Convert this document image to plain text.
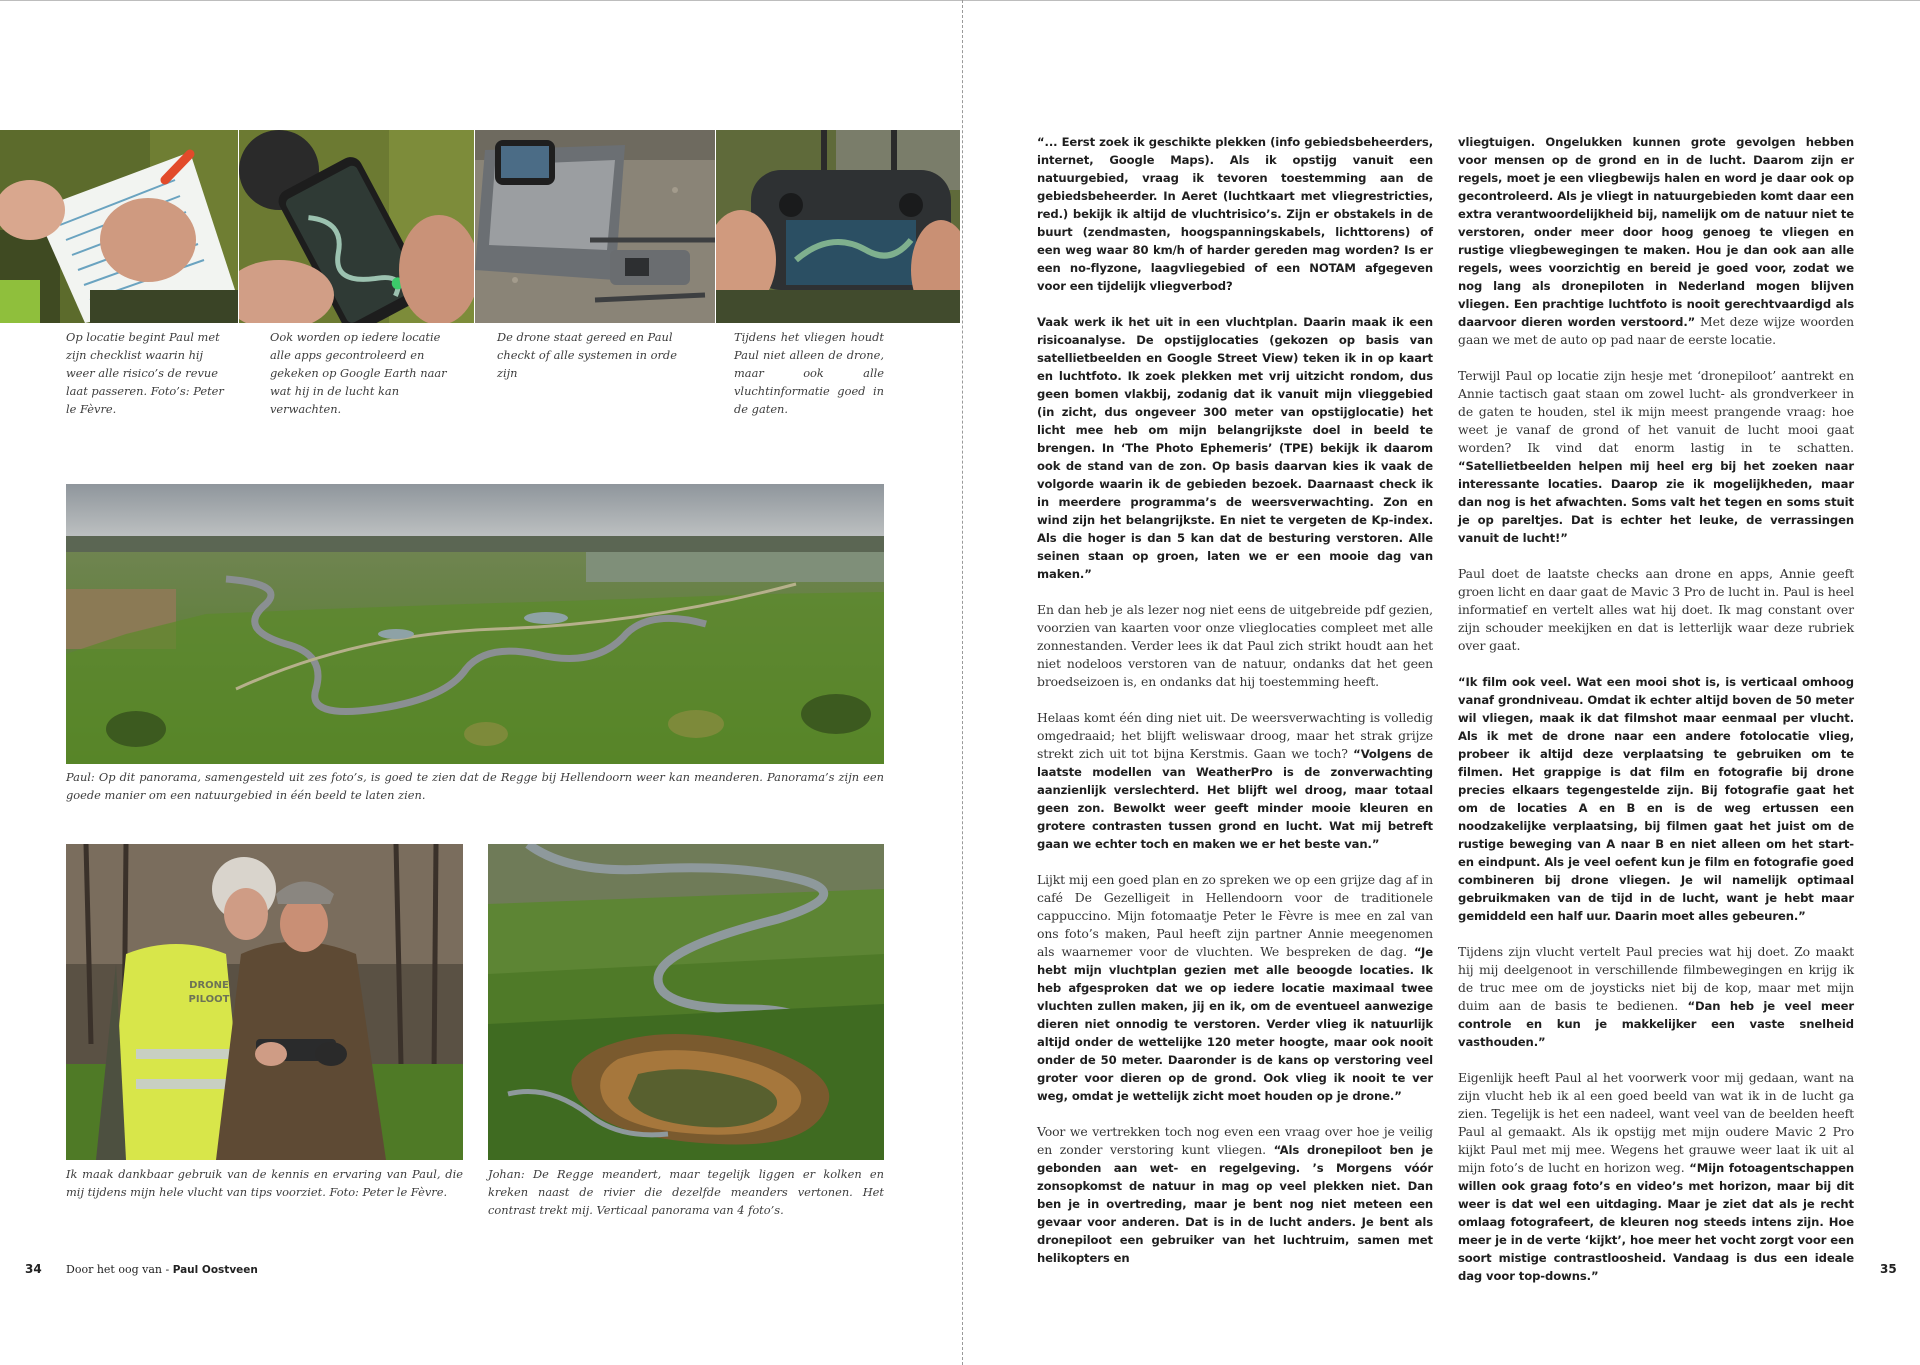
Op locatie begint Paul met zijn checklist waarin hij weer alle risico’s de revue laat passeren. Foto’s: Peter le Fèvre.
Ook worden op iedere locatie alle apps gecontroleerd en gekeken op Google Earth naar wat hij in de lucht kan verwachten.
De drone staat gereed en Paul checkt of alle systemen in orde zijn
Tijdens het vliegen houdt Paul niet alleen de drone, maar ook alle vluchtinformatie goed in de gaten.
Paul: Op dit panorama, samengesteld uit zes foto’s, is goed te zien dat de Regge bij Hellendoorn weer kan meanderen. Panorama’s zijn een goede manier om een natuurgebied in één beeld te laten zien.
DRONE PILOOT
Ik maak dankbaar gebruik van de kennis en ervaring van Paul, die mij tijdens mijn hele vlucht van tips voorziet. Foto: Peter le Fèvre.
Johan: De Regge meandert, maar tegelijk liggen er kolken en kreken naast de rivier die dezelfde meanders vertonen. Het contrast trekt mij. Verticaal panorama van 4 foto’s.
34 Door het oog van - Paul Oostveen	35

“... Eerst zoek ik geschikte plekken (info gebiedsbeheerders, internet, Google Maps). Als ik opstijg vanuit een natuurgebied, vraag ik tevoren toestemming aan de gebiedsbeheerder. In Aeret (luchtkaart met vliegrestricties, red.) bekijk ik altijd de vluchtrisico’s. Zijn er obstakels in de buurt (zendmasten, hoogspanningskabels, lichttorens) of een weg waar 80 km/h of harder gereden mag worden? Is er een no-flyzone, laagvliegebied of een NOTAM afgegeven voor een tijdelijk vliegverbod?

Vaak werk ik het uit in een vluchtplan. Daarin maak ik een risicoanalyse. De opstijglocaties (gekozen op basis van satellietbeelden en Google Street View) teken ik in op kaart en luchtfoto. Ik zoek plekken met vrij uitzicht rondom, dus geen bomen vlakbij, zodanig dat ik vanuit mijn vlieggebied (in zicht, dus ongeveer 300 meter van opstijglocatie) het licht mee heb om mijn belangrijkste doel in beeld te brengen. In ‘The Photo Ephemeris’ (TPE) bekijk ik daarom ook de stand van de zon. Op basis daarvan kies ik vaak de volgorde waarin ik de gebieden bezoek. Daarnaast check ik in meerdere programma’s de weersverwachting. Zon en wind zijn het belangrijkste. En niet te vergeten de Kp-index. Als die hoger is dan 5 kan dat de besturing verstoren. Alle seinen staan op groen, laten we er een mooie dag van maken.”

En dan heb je als lezer nog niet eens de uitgebreide pdf gezien, voorzien van kaarten voor onze vlieglocaties compleet met alle zonnestanden. Verder lees ik dat Paul zich strikt houdt aan het niet nodeloos verstoren van de natuur, ondanks dat het geen broedseizoen is, en ondanks dat hij toestemming heeft.

Helaas komt één ding niet uit. De weersverwachting is volledig omgedraaid; het blijft weliswaar droog, maar het strak grijze strekt zich uit tot bijna Kerstmis. Gaan we toch? “Volgens de laatste modellen van WeatherPro is de zonverwachting aanzienlijk verslechterd. Het blijft wel droog, maar totaal geen zon. Bewolkt weer geeft minder mooie kleuren en grotere contrasten tussen grond en lucht. Wat mij betreft gaan we echter toch en maken we er het beste van.”

Lijkt mij een goed plan en zo spreken we op een grijze dag af in café De Gezelligeit in Hellendoorn voor de traditionele cappuccino. Mijn fotomaatje Peter le Fèvre is mee en zal van ons foto’s maken, Paul heeft zijn partner Annie meegenomen als waarnemer voor de vluchten. We bespreken de dag. “Je hebt mijn vluchtplan gezien met alle beoogde locaties. Ik heb afgesproken dat we op iedere locatie maximaal twee vluchten zullen maken, jij en ik, om de eventueel aanwezige dieren niet onnodig te verstoren. Verder vlieg ik natuurlijk altijd onder de wettelijke 120 meter hoogte, maar ook nooit onder de 50 meter. Daaronder is de kans op verstoring veel groter voor dieren op de grond. Ook vlieg ik nooit te ver weg, omdat je wettelijk zicht moet houden op je drone.”

Voor we vertrekken toch nog even een vraag over hoe je veilig en zonder verstoring kunt vliegen. “Als dronepiloot ben je gebonden aan wet- en regelgeving. ’s Morgens vóór zonsopkomst de natuur in mag op veel plekken niet. Dan ben je in overtreding, maar je bent nog niet meteen een gevaar voor anderen. Dat is in de lucht anders. Je bent als dronepiloot een gebruiker van het luchtruim, samen met helikopters en

vliegtuigen. Ongelukken kunnen grote gevolgen hebben voor mensen op de grond en in de lucht. Daarom zijn er regels, moet je een vliegbewijs halen en word je daar ook op gecontroleerd. Als je vliegt in natuurgebieden komt daar een extra verantwoordelijkheid bij, namelijk om de natuur niet te verstoren, onder meer door hoog genoeg te vliegen en rustige vliegbewegingen te maken. Hou je dan ook aan alle regels, wees voorzichtig en bereid je goed voor, zodat we nog lang als dronepiloten in Nederland mogen blijven vliegen. Een prachtige luchtfoto is nooit gerechtvaardigd als daarvoor dieren worden verstoord.” Met deze wijze woorden gaan we met de auto op pad naar de eerste locatie.

Terwijl Paul op locatie zijn hesje met ‘dronepiloot’ aantrekt en Annie tactisch gaat staan om zowel lucht- als grondverkeer in de gaten te houden, stel ik mijn meest prangende vraag: hoe weet je vanaf de grond of het vanuit de lucht mooi gaat worden? Ik vind dat enorm lastig in te schatten. “Satellietbeelden helpen mij heel erg bij het zoeken naar interessante locaties. Daarop zie ik mogelijkheden, maar dan nog is het afwachten. Soms valt het tegen en soms stuit je op pareltjes. Dat is echter het leuke, de verrassingen vanuit de lucht!”

Paul doet de laatste checks aan drone en apps, Annie geeft groen licht en daar gaat de Mavic 3 Pro de lucht in. Paul is heel informatief en vertelt alles wat hij doet. Ik mag constant over zijn schouder meekijken en dat is letterlijk waar deze rubriek over gaat.

“Ik film ook veel. Wat een mooi shot is, is verticaal omhoog vanaf grondniveau. Omdat ik echter altijd boven de 50 meter wil vliegen, maak ik dat filmshot maar eenmaal per vlucht. Als ik met de drone naar een andere fotolocatie vlieg, probeer ik altijd deze verplaatsing te gebruiken om te filmen. Het grappige is dat film en fotografie bij drone precies elkaars tegengestelde zijn. Bij fotografie gaat het om de locaties A en B en is de weg ertussen een noodzakelijke verplaatsing, bij filmen gaat het juist om de rustige beweging van A naar B en niet alleen om het start- en eindpunt. Als je veel oefent kun je film en fotografie goed combineren bij drone vliegen. Je wil namelijk optimaal gebruikmaken van de tijd in de lucht, want je hebt maar gemiddeld een half uur. Daarin moet alles gebeuren.”

Tijdens zijn vlucht vertelt Paul precies wat hij doet. Zo maakt hij mij deelgenoot in verschillende filmbewegingen en krijg ik de truc mee om de joysticks niet bij de kop, maar met mijn duim aan de basis te bedienen. “Dan heb je veel meer controle en kun je makkelijker een vaste snelheid vasthouden.”

Eigenlijk heeft Paul al het voorwerk voor mij gedaan, want na zijn vlucht heb ik al een goed beeld van wat ik in de lucht ga zien. Tegelijk is het een nadeel, want veel van de beelden heeft Paul al gemaakt. Als ik opstijg met mijn oudere Mavic 2 Pro kijkt Paul met mij mee. Wegens het grauwe weer laat ik uit al mijn foto’s de lucht en horizon weg. “Mijn fotoagentschappen willen ook graag foto’s en video’s met horizon, maar bij dit weer is dat wel een uitdaging. Maar je ziet dat als je recht omlaag fotografeert, de kleuren nog steeds intens zijn. Hoe meer je in de verte ‘kijkt’, hoe meer het vocht zorgt voor een soort mistige contrastloosheid. Vandaag is dus een ideale dag voor top-downs.”
